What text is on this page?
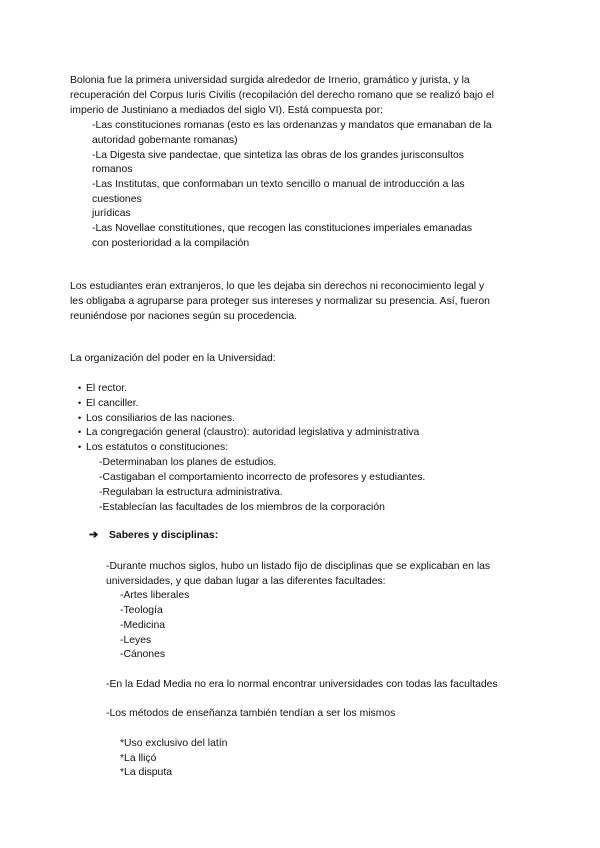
Bolonia fue la primera universidad surgida alrededor de Irnerio, gramático y jurista, y la
recuperación del Corpus Iuris Civilis (recopilación del derecho romano que se realizó bajo el
imperio de Justiniano a mediados del siglo VI). Está compuesta por:
-Las constituciones romanas (esto es las ordenanzas y mandatos que emanaban de la
autoridad gobernante romanas)
-La Digesta sive pandectae, que sintetiza las obras de los grandes jurisconsultos
romanos
-Las Institutas, que conformaban un texto sencillo o manual de introducción a las
cuestiones
jurídicas
-Las Novellae constitutiones, que recogen las constituciones imperiales emanadas
con posterioridad a la compilación
Los estudiantes eran extranjeros, lo que les dejaba sin derechos ni reconocimiento legal y
les obligaba a agruparse para proteger sus intereses y normalizar su presencia. Así, fueron
reuniéndose por naciones según su procedencia.
La organización del poder en la Universidad:
• El rector.
• El canciller.
• Los consiliarios de las naciones.
• La congregación general (claustro): autoridad legislativa y administrativa
• Los estatutos o constituciones:
-Determinaban los planes de estudios.
-Castigaban el comportamiento incorrecto de profesores y estudiantes.
-Regulaban la estructura administrativa.
-Establecían las facultades de los miembros de la corporación
➔ Saberes y disciplinas:
-Durante muchos siglos, hubo un listado fijo de disciplinas que se explicaban en las
universidades, y que daban lugar a las diferentes facultades:
-Artes liberales
-Teología
-Medicina
-Leyes
-Cánones
-En la Edad Media no era lo normal encontrar universidades con todas las facultades
-Los métodos de enseñanza también tendían a ser los mismos
*Uso exclusivo del latín
*La lliçó
*La disputa
